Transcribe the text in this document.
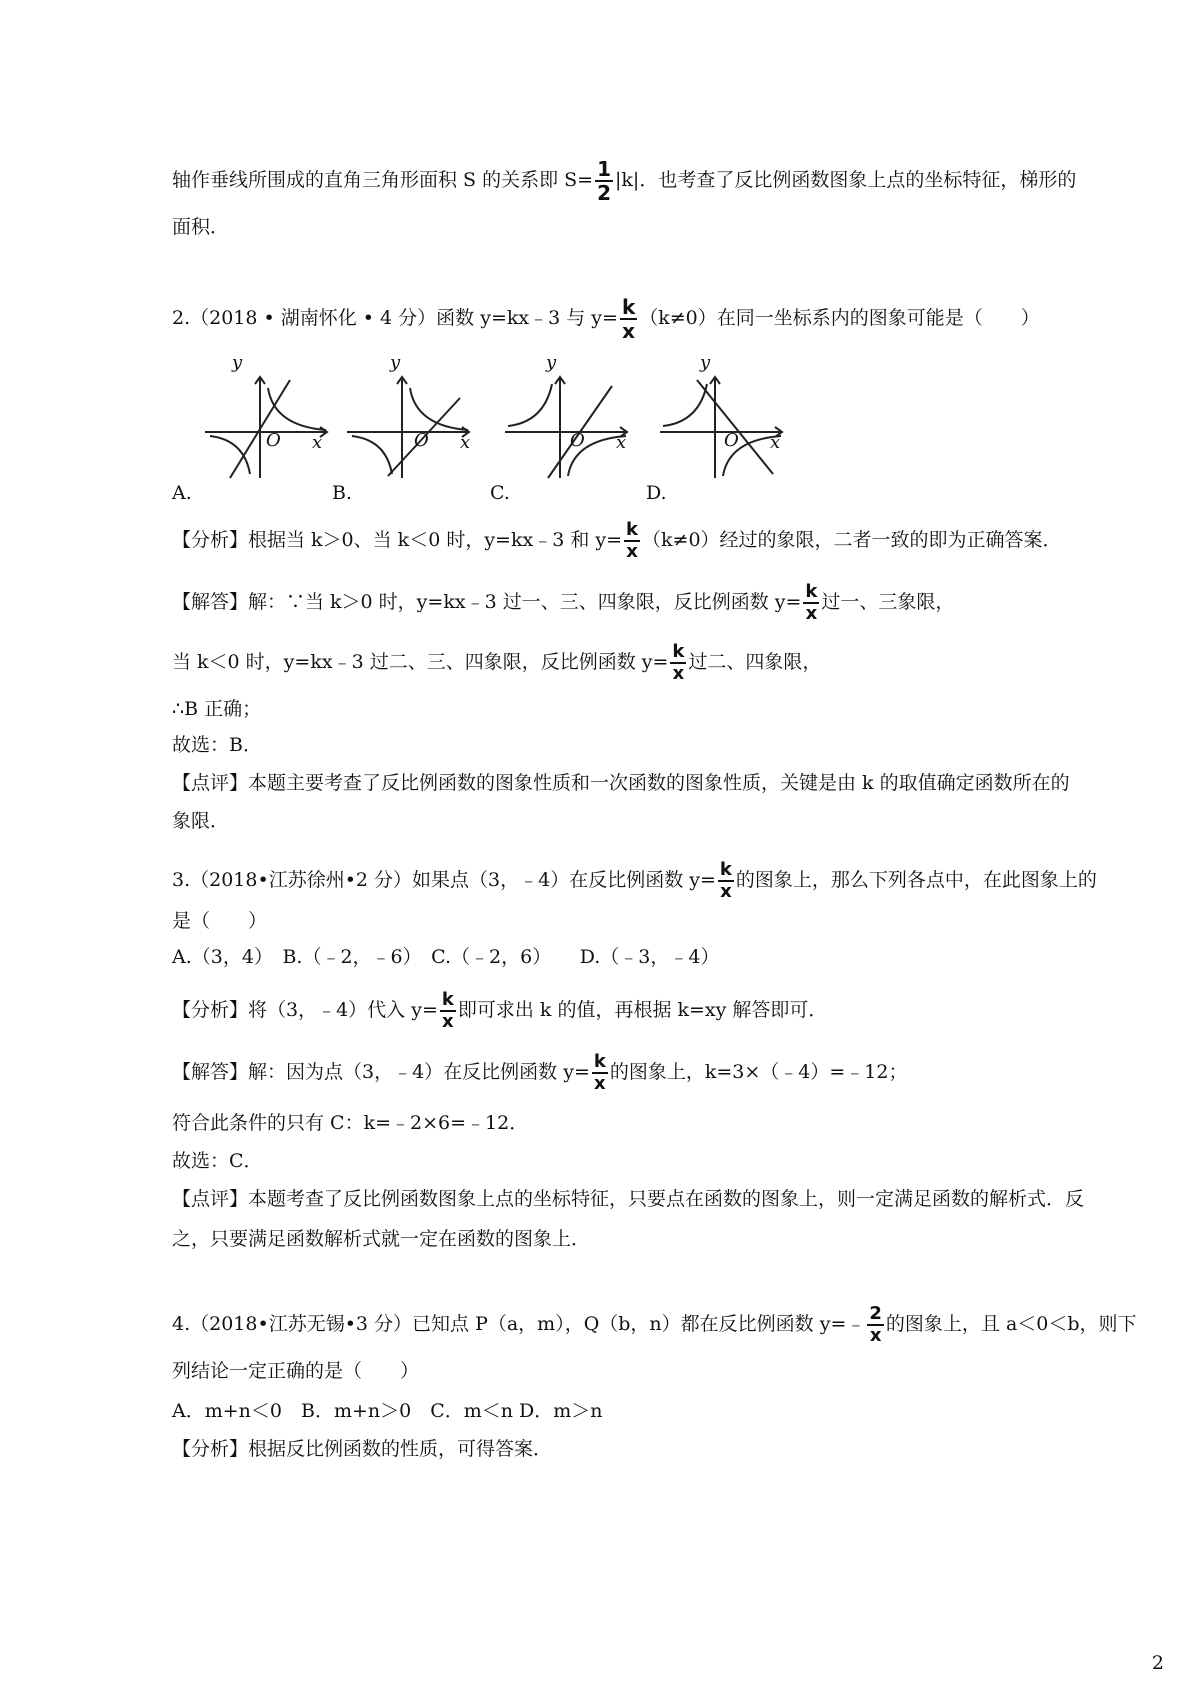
轴作垂线所围成的直角三角形面积 S 的关系即 $S= \frac{1}{2} |k|$．也考查了反比例函数图象上点的坐标特征，梯形的
面积．
2.（2018 • 湖南怀化 • 4 分）函数 y=kx﹣3 与 $y= \frac{k}{x} (k\ne 0)$在同一坐标系内的图象可能是（　　）
y
O x
A.
y
O x
B.
y
O x
C.
y
O x
D.
【分析】根据当 k＞0、当 k＜0 时，y=kx﹣3 和 $y= \frac{k}{x} (k\ne 0)$经过的象限，二者一致的即为正确答案．
【解答】解：∵当 k＞0 时，y=kx﹣3 过一、三、四象限，反比例函数 $y= \frac{k}{x}$ 过一、三象限，
当 k＜0 时，y=kx﹣3 过二、三、四象限，反比例函数 $y= \frac{k}{x}$ 过二、四象限，
∴B 正确；
故选：B．
【点评】本题主要考查了反比例函数的图象性质和一次函数的图象性质，关键是由 k 的取值确定函数所在的
象限．
3.（2018•江苏徐州•2 分）如果点（3，﹣4）在反比例函数 $y= \frac{k}{x}$ 的图象上，那么下列各点中，在此图象上的
是（　　）
A.（3，4）　B.（﹣2，﹣6）　C.（﹣2，6）　　D.（﹣3，﹣4）
【分析】将（3，﹣4）代入 $y= \frac{k}{x}$ 即可求出 k 的值，再根据 k=xy 解答即可．
【解答】解：因为点（3，﹣4）在反比例函数 $y= \frac{k}{x}$ 的图象上，k=3×（﹣4）=﹣12；
符合此条件的只有 C：k=﹣2×6=﹣12．
故选：C．
【点评】本题考查了反比例函数图象上点的坐标特征，只要点在函数的图象上，则一定满足函数的解析式．反
之，只要满足函数解析式就一定在函数的图象上．
4.（2018•江苏无锡•3 分）已知点 P（a，m），Q（b，n）都在反比例函数 y=﹣ $\frac{2}{x}$ 的图象上，且 a＜0＜b，则下
列结论一定正确的是（　　）
A．m+n＜0　B．m+n＞0　C．m＜n D．m＞n
【分析】根据反比例函数的性质，可得答案．
2
